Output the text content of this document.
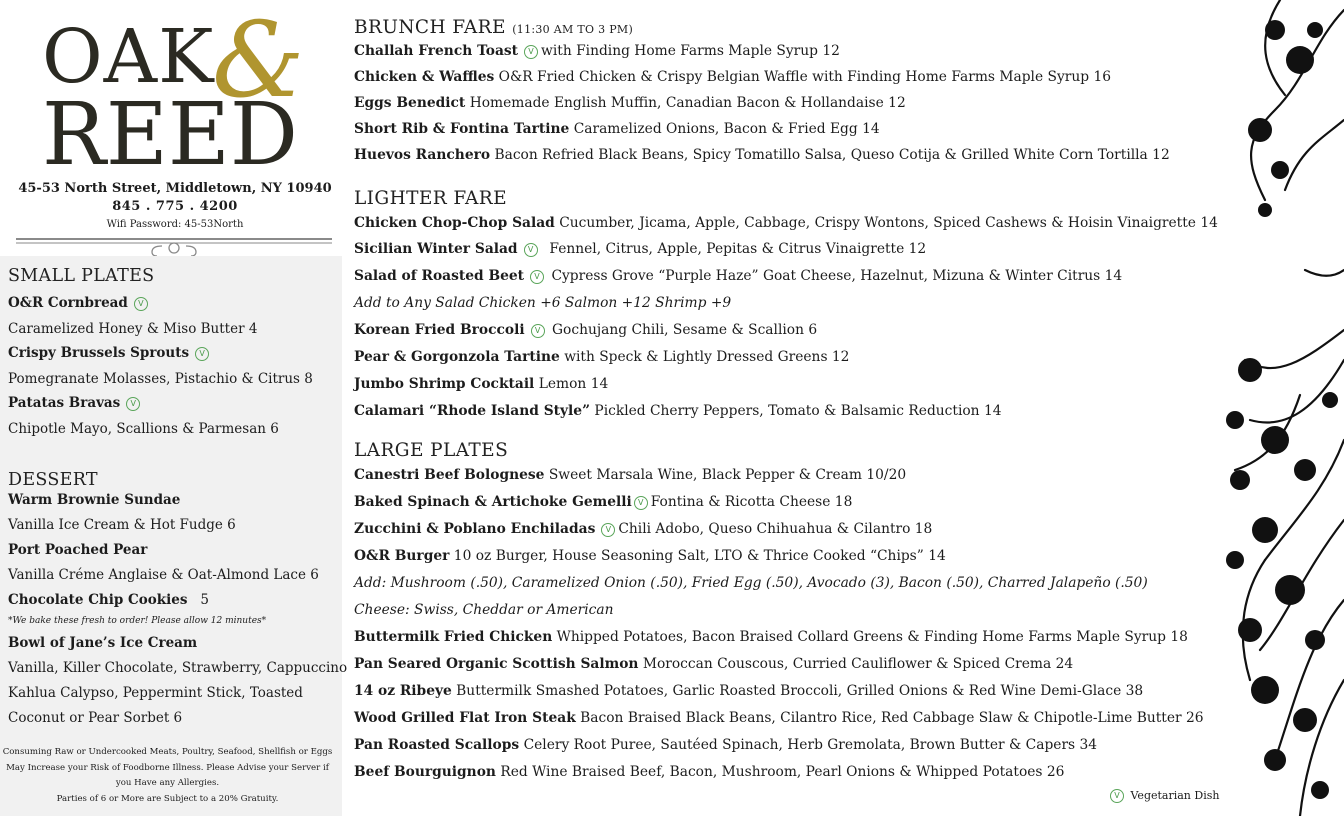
OAK
&
REED
45-53 North Street, Middletown, NY 10940
845 . 775 . 4200
Wifi Password: 45-53North
SMALL PLATES
O&R Cornbread V
Caramelized Honey & Miso Butter 4
Crispy Brussels Sprouts V
Pomegranate Molasses, Pistachio & Citrus 8
Patatas Bravas V
Chipotle Mayo, Scallions & Parmesan 6
DESSERT
Warm Brownie Sundae
Vanilla Ice Cream & Hot Fudge 6
Port Poached Pear
Vanilla Créme Anglaise & Oat-Almond Lace 6
Chocolate Chip Cookies 5
*We bake these fresh to order! Please allow 12 minutes*
Bowl of Jane’s Ice Cream
Vanilla, Killer Chocolate, Strawberry, Cappuccino
Kahlua Calypso, Peppermint Stick, Toasted
Coconut or Pear Sorbet 6
Consuming Raw or Undercooked Meats, Poultry, Seafood, Shellfish or Eggs
May Increase your Risk of Foodborne Illness. Please Advise your Server if
you Have any Allergies.
Parties of 6 or More are Subject to a 20% Gratuity.
BRUNCH FARE (11:30 AM TO 3 PM)
Challah French Toast V with Finding Home Farms Maple Syrup 12
Chicken & Waffles O&R Fried Chicken & Crispy Belgian Waffle with Finding Home Farms Maple Syrup 16
Eggs Benedict Homemade English Muffin, Canadian Bacon & Hollandaise 12
Short Rib & Fontina Tartine Caramelized Onions, Bacon & Fried Egg 14
Huevos Ranchero Bacon Refried Black Beans, Spicy Tomatillo Salsa, Queso Cotija & Grilled White Corn Tortilla 12
LIGHTER FARE
Chicken Chop-Chop Salad Cucumber, Jicama, Apple, Cabbage, Crispy Wontons, Spiced Cashews & Hoisin Vinaigrette 14
Sicilian Winter Salad V Fennel, Citrus, Apple, Pepitas & Citrus Vinaigrette 12
Salad of Roasted Beet V Cypress Grove “Purple Haze” Goat Cheese, Hazelnut, Mizuna & Winter Citrus 14
Add to Any Salad Chicken +6 Salmon +12 Shrimp +9
Korean Fried Broccoli V Gochujang Chili, Sesame & Scallion 6
Pear & Gorgonzola Tartine with Speck & Lightly Dressed Greens 12
Jumbo Shrimp Cocktail Lemon 14
Calamari “Rhode Island Style” Pickled Cherry Peppers, Tomato & Balsamic Reduction 14
LARGE PLATES
Canestri Beef Bolognese Sweet Marsala Wine, Black Pepper & Cream 10/20
Baked Spinach & Artichoke Gemelli V Fontina & Ricotta Cheese 18
Zucchini & Poblano Enchiladas V Chili Adobo, Queso Chihuahua & Cilantro 18
O&R Burger 10 oz Burger, House Seasoning Salt, LTO & Thrice Cooked “Chips” 14
Add: Mushroom (.50), Caramelized Onion (.50), Fried Egg (.50), Avocado (3), Bacon (.50), Charred Jalapeño (.50)
Cheese: Swiss, Cheddar or American
Buttermilk Fried Chicken Whipped Potatoes, Bacon Braised Collard Greens & Finding Home Farms Maple Syrup 18
Pan Seared Organic Scottish Salmon Moroccan Couscous, Curried Cauliflower & Spiced Crema 24
14 oz Ribeye Buttermilk Smashed Potatoes, Garlic Roasted Broccoli, Grilled Onions & Red Wine Demi-Glace 38
Wood Grilled Flat Iron Steak Bacon Braised Black Beans, Cilantro Rice, Red Cabbage Slaw & Chipotle-Lime Butter 26
Pan Roasted Scallops Celery Root Puree, Sautéed Spinach, Herb Gremolata, Brown Butter & Capers 34
Beef Bourguignon Red Wine Braised Beef, Bacon, Mushroom, Pearl Onions & Whipped Potatoes 26
V Vegetarian Dish
